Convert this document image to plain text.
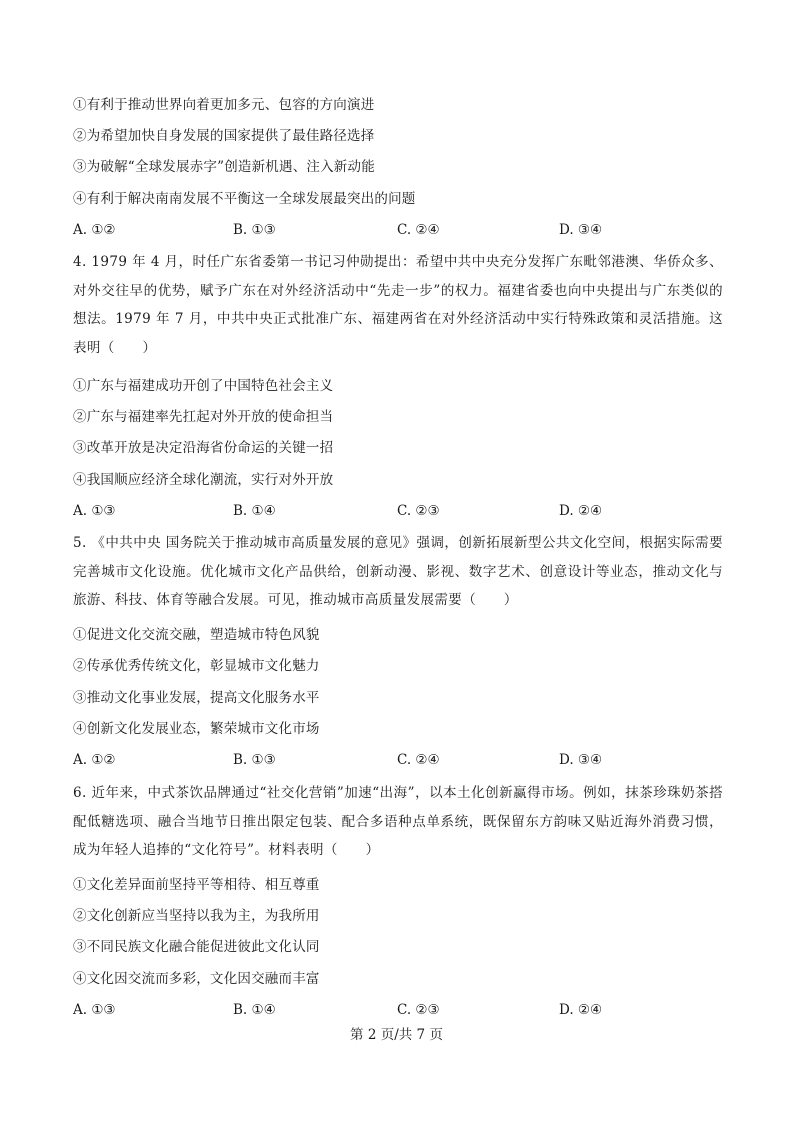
①有利于推动世界向着更加多元、包容的方向演进
②为希望加快自身发展的国家提供了最佳路径选择
③为破解“全球发展赤字”创造新机遇、注入新动能
④有利于解决南南发展不平衡这一全球发展最突出的问题
A. ①②	B. ①③	C. ②④	D. ③④
4. 1979 年 4 月，时任广东省委第一书记习仲勋提出：希望中共中央充分发挥广东毗邻港澳、华侨众多、对外交往早的优势，赋予广东在对外经济活动中“先走一步”的权力。福建省委也向中央提出与广东类似的想法。1979 年 7 月，中共中央正式批准广东、福建两省在对外经济活动中实行特殊政策和灵活措施。这表明（　　）
①广东与福建成功开创了中国特色社会主义
②广东与福建率先扛起对外开放的使命担当
③改革开放是决定沿海省份命运的关键一招
④我国顺应经济全球化潮流，实行对外开放
A. ①③	B. ①④	C. ②③	D. ②④
5. 《中共中央 国务院关于推动城市高质量发展的意见》强调，创新拓展新型公共文化空间，根据实际需要完善城市文化设施。优化城市文化产品供给，创新动漫、影视、数字艺术、创意设计等业态，推动文化与旅游、科技、体育等融合发展。可见，推动城市高质量发展需要（　　）
①促进文化交流交融，塑造城市特色风貌
②传承优秀传统文化，彰显城市文化魅力
③推动文化事业发展，提高文化服务水平
④创新文化发展业态，繁荣城市文化市场
A. ①②	B. ①③	C. ②④	D. ③④
6. 近年来，中式茶饮品牌通过“社交化营销”加速“出海”，以本土化创新赢得市场。例如，抹茶珍珠奶茶搭配低糖选项、融合当地节日推出限定包装、配合多语种点单系统，既保留东方韵味又贴近海外消费习惯，成为年轻人追捧的“文化符号”。材料表明（　　）
①文化差异面前坚持平等相待、相互尊重
②文化创新应当坚持以我为主，为我所用
③不同民族文化融合能促进彼此文化认同
④文化因交流而多彩，文化因交融而丰富
A. ①③	B. ①④	C. ②③	D. ②④
第 2 页/共 7 页
